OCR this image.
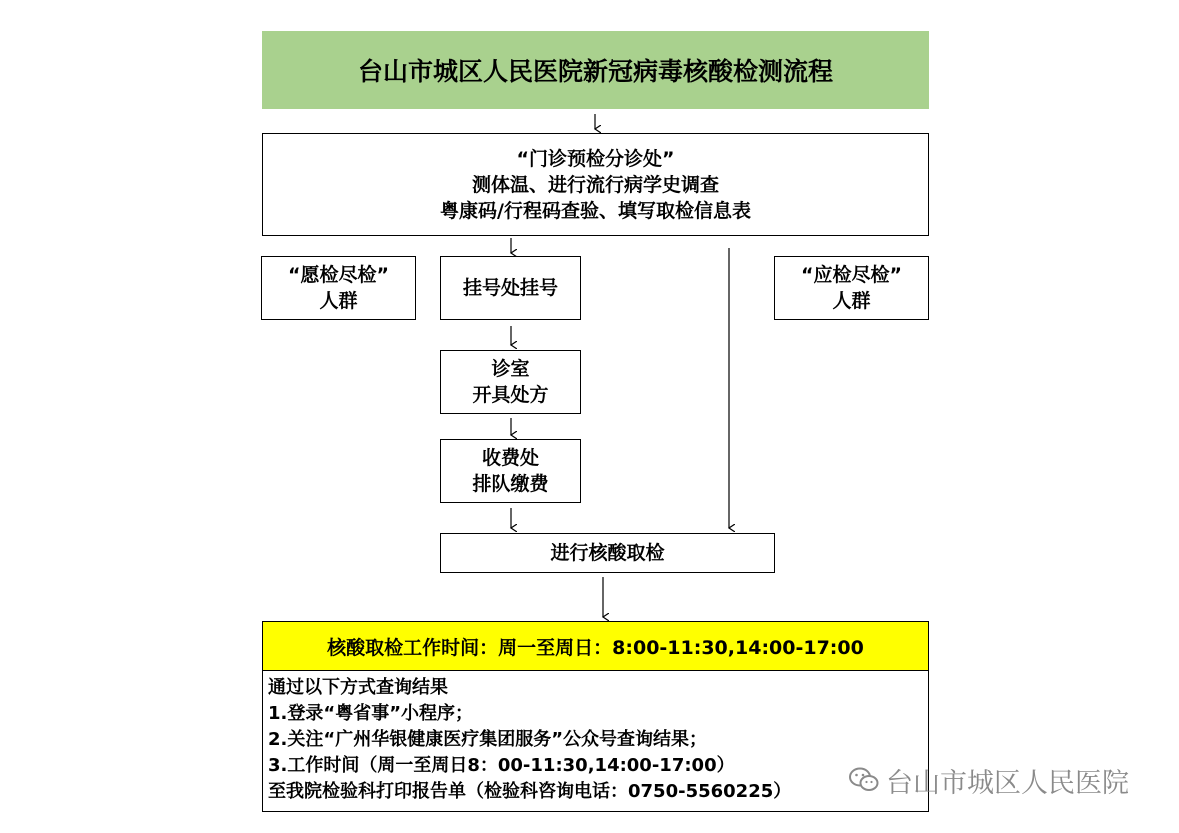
台山市城区人民医院新冠病毒核酸检测流程
“门诊预检分诊处”
测体温、进行流行病学史调查
粤康码/行程码查验、填写取检信息表
“愿检尽检”
人群
挂号处挂号
“应检尽检”
人群
诊室
开具处方
收费处
排队缴费
进行核酸取检
核酸取检工作时间：周一至周日：8:00-11:30,14:00-17:00
通过以下方式查询结果
1.登录“粤省事”小程序；
2.关注“广州华银健康医疗集团服务”公众号查询结果；
3.工作时间（周一至周日8：00-11:30,14:00-17:00）
至我院检验科打印报告单（检验科咨询电话：0750-5560225）	台山市城区人民医院
